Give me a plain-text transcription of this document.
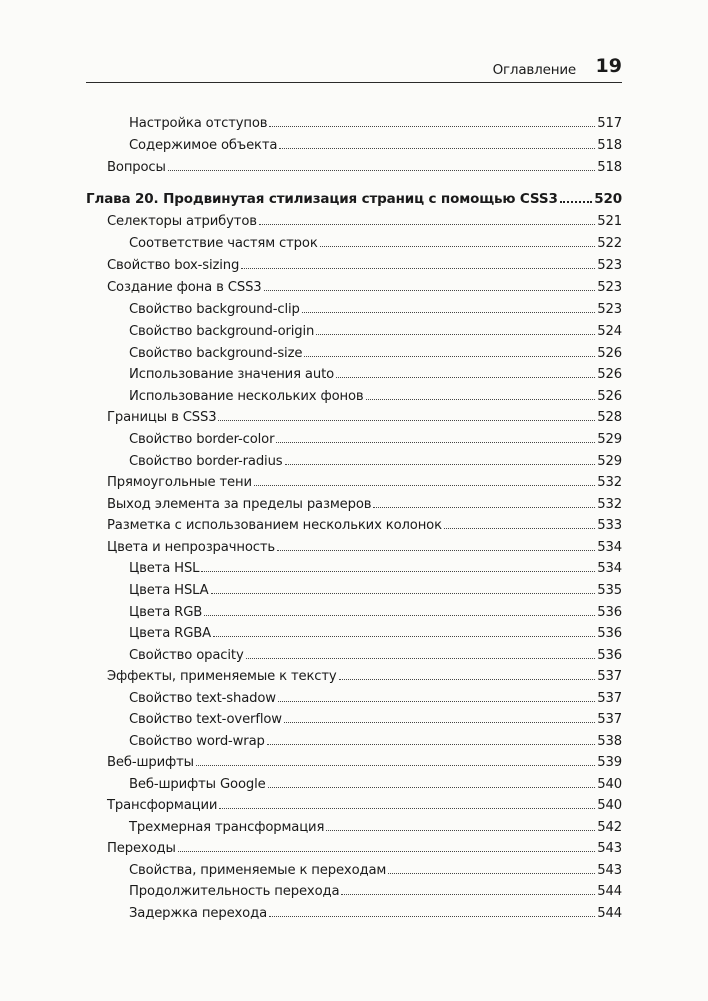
Оглавление 19
Настройка отступов	517
Содержимое объекта	518
Вопросы	518
Глава 20. Продвинутая стилизация страниц с помощью CSS3	520
Селекторы атрибутов	521
Соответствие частям строк	522
Свойство box-sizing	523
Создание фона в CSS3	523
Свойство background-clip	523
Свойство background-origin	524
Свойство background-size	526
Использование значения auto	526
Использование нескольких фонов	526
Границы в CSS3	528
Свойство border-color	529
Свойство border-radius	529
Прямоугольные тени	532
Выход элемента за пределы размеров	532
Разметка с использованием нескольких колонок	533
Цвета и непрозрачность	534
Цвета HSL	534
Цвета HSLA	535
Цвета RGB	536
Цвета RGBA	536
Свойство opacity	536
Эффекты, применяемые к тексту	537
Свойство text-shadow	537
Свойство text-overflow	537
Свойство word-wrap	538
Веб-шрифты	539
Веб-шрифты Google	540
Трансформации	540
Трехмерная трансформация	542
Переходы	543
Свойства, применяемые к переходам	543
Продолжительность перехода	544
Задержка перехода	544
